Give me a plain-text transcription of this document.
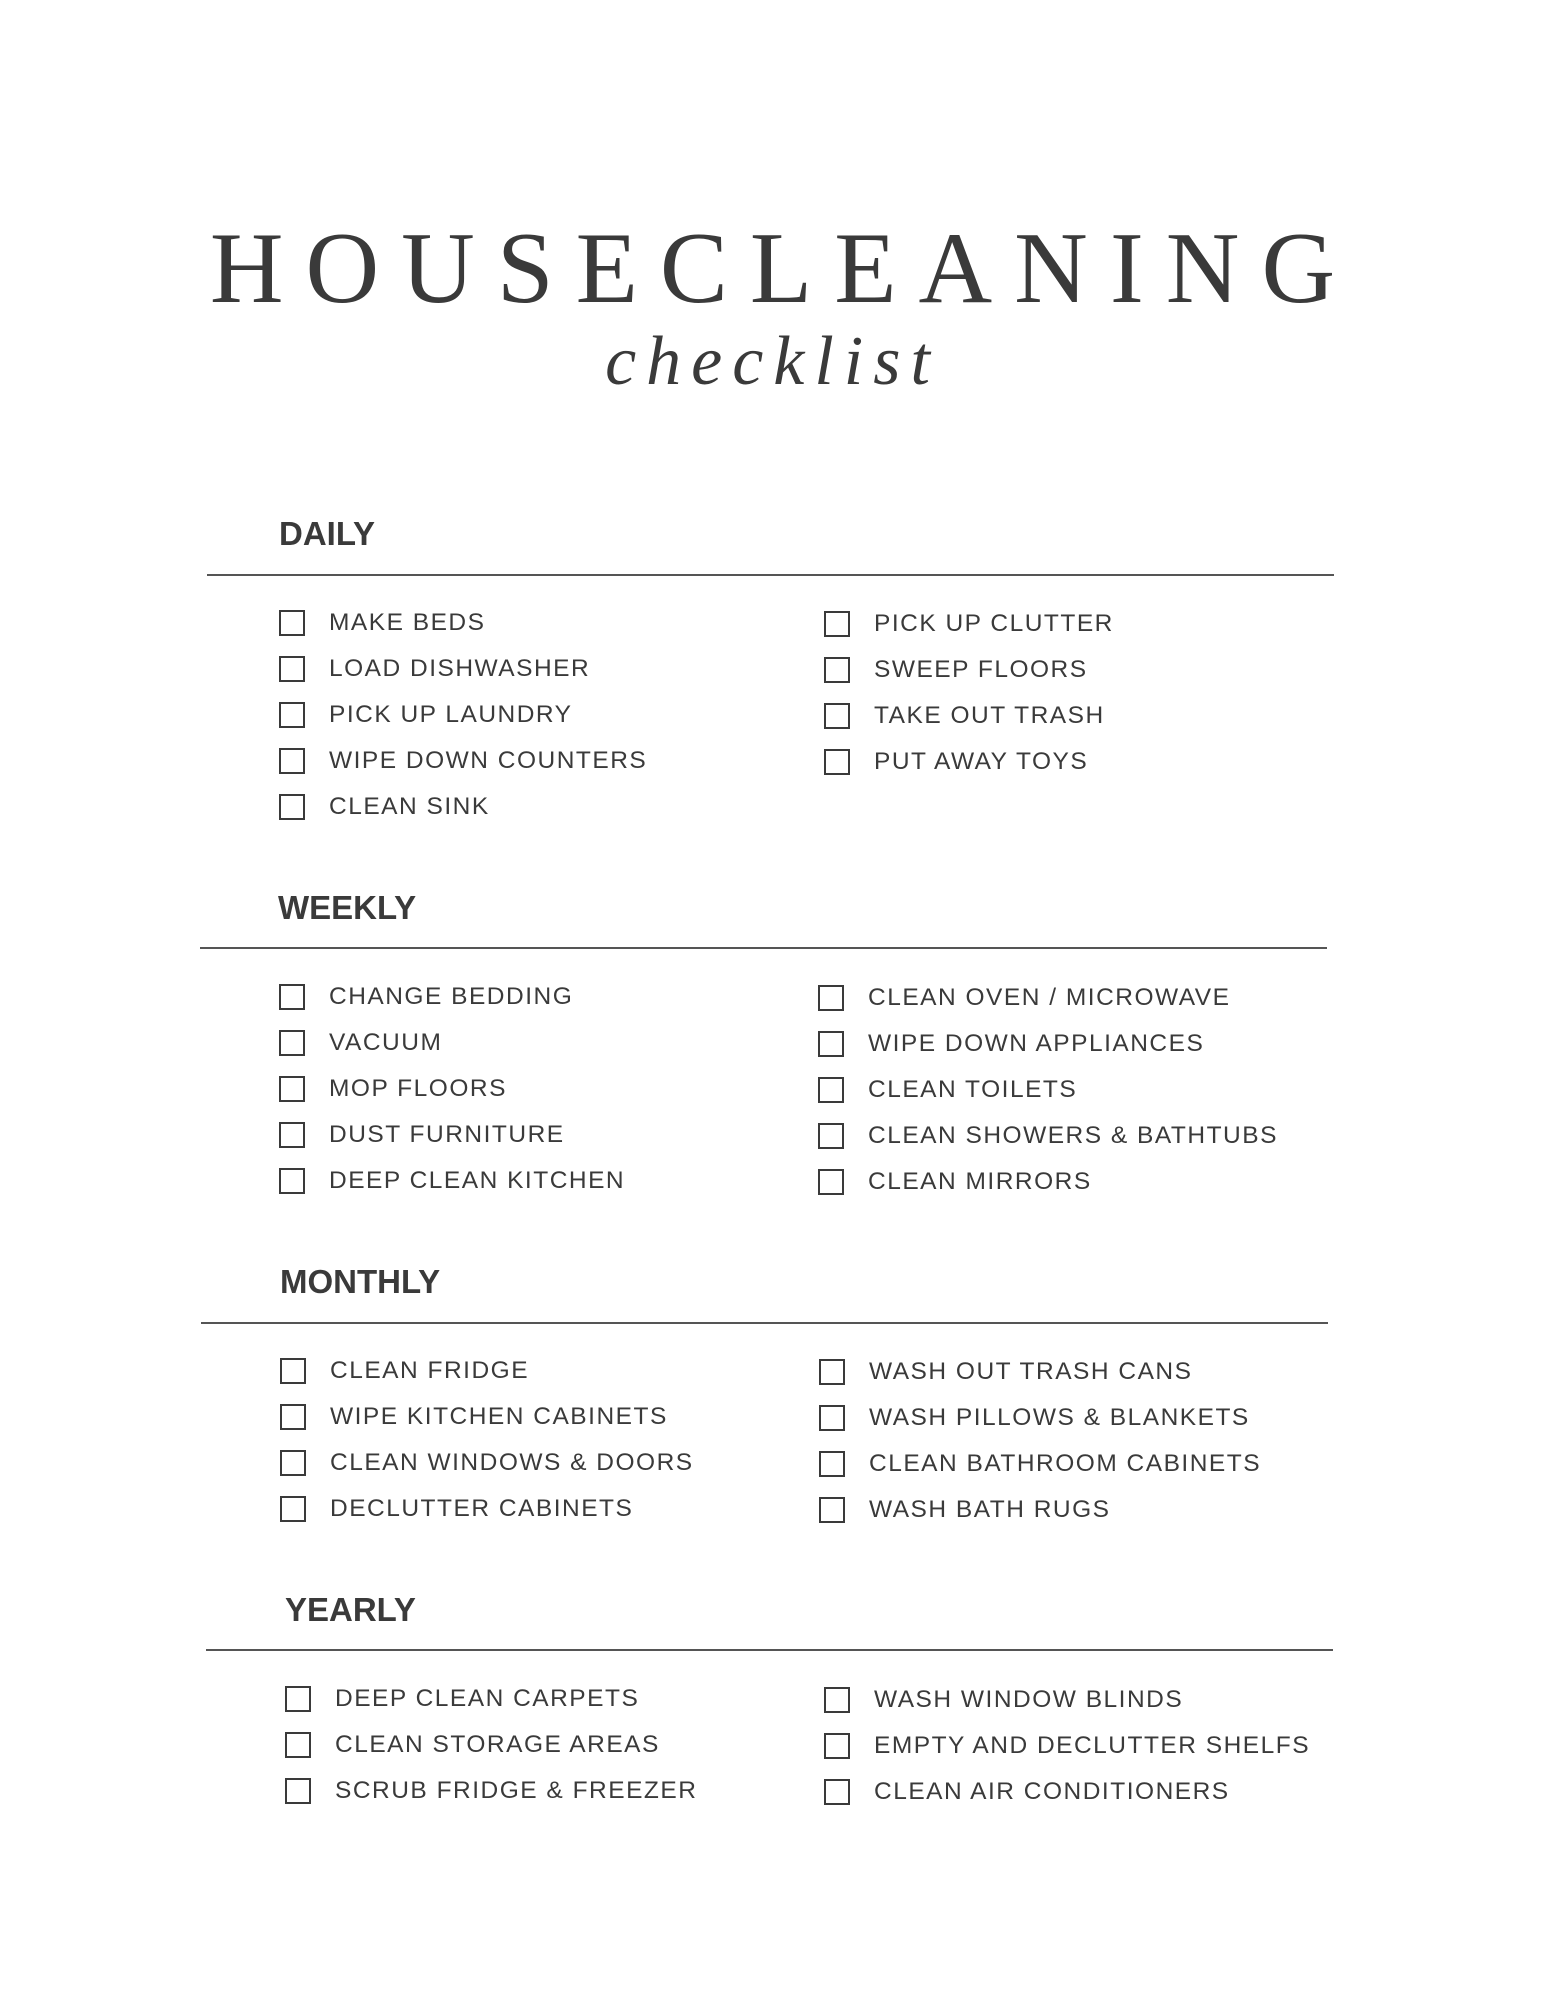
HOUSECLEANING
checklist
DAILY
MAKE BEDS
LOAD DISHWASHER
PICK UP LAUNDRY
WIPE DOWN COUNTERS
CLEAN SINK
PICK UP CLUTTER
SWEEP FLOORS
TAKE OUT TRASH
PUT AWAY TOYS
WEEKLY
CHANGE BEDDING
VACUUM
MOP FLOORS
DUST FURNITURE
DEEP CLEAN KITCHEN
CLEAN OVEN / MICROWAVE
WIPE DOWN APPLIANCES
CLEAN TOILETS
CLEAN SHOWERS & BATHTUBS
CLEAN MIRRORS
MONTHLY
CLEAN FRIDGE
WIPE KITCHEN CABINETS
CLEAN WINDOWS & DOORS
DECLUTTER CABINETS
WASH OUT TRASH CANS
WASH PILLOWS & BLANKETS
CLEAN BATHROOM CABINETS
WASH BATH RUGS
YEARLY
DEEP CLEAN CARPETS
CLEAN STORAGE AREAS
SCRUB FRIDGE & FREEZER
WASH WINDOW BLINDS
EMPTY AND DECLUTTER SHELFS
CLEAN AIR CONDITIONERS
